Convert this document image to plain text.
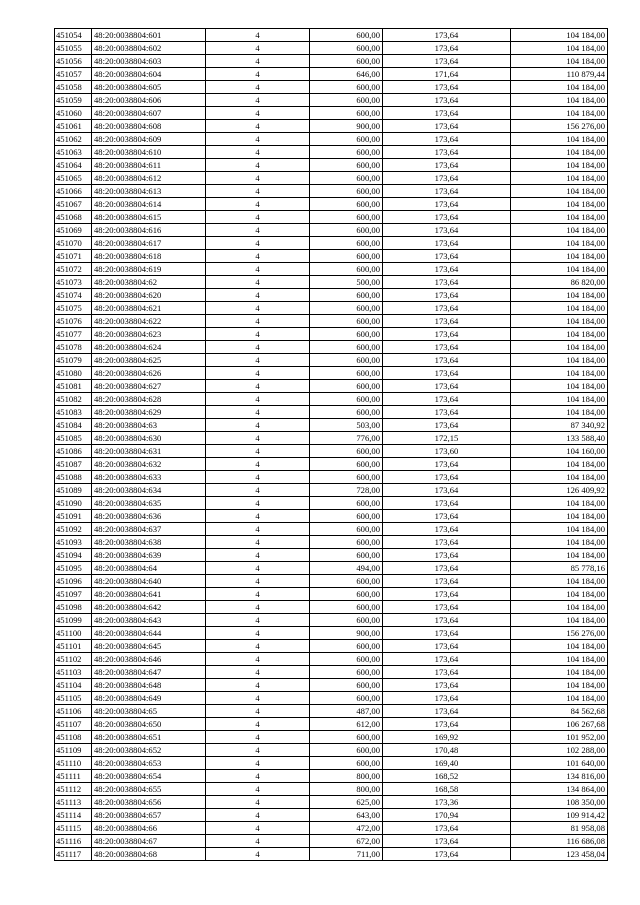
451054	48:20:0038804:601	4	600,00	173,64	104 184,00
451055	48:20:0038804:602	4	600,00	173,64	104 184,00
451056	48:20:0038804:603	4	600,00	173,64	104 184,00
451057	48:20:0038804:604	4	646,00	171,64	110 879,44
451058	48:20:0038804:605	4	600,00	173,64	104 184,00
451059	48:20:0038804:606	4	600,00	173,64	104 184,00
451060	48:20:0038804:607	4	600,00	173,64	104 184,00
451061	48:20:0038804:608	4	900,00	173,64	156 276,00
451062	48:20:0038804:609	4	600,00	173,64	104 184,00
451063	48:20:0038804:610	4	600,00	173,64	104 184,00
451064	48:20:0038804:611	4	600,00	173,64	104 184,00
451065	48:20:0038804:612	4	600,00	173,64	104 184,00
451066	48:20:0038804:613	4	600,00	173,64	104 184,00
451067	48:20:0038804:614	4	600,00	173,64	104 184,00
451068	48:20:0038804:615	4	600,00	173,64	104 184,00
451069	48:20:0038804:616	4	600,00	173,64	104 184,00
451070	48:20:0038804:617	4	600,00	173,64	104 184,00
451071	48:20:0038804:618	4	600,00	173,64	104 184,00
451072	48:20:0038804:619	4	600,00	173,64	104 184,00
451073	48:20:0038804:62	4	500,00	173,64	86 820,00
451074	48:20:0038804:620	4	600,00	173,64	104 184,00
451075	48:20:0038804:621	4	600,00	173,64	104 184,00
451076	48:20:0038804:622	4	600,00	173,64	104 184,00
451077	48:20:0038804:623	4	600,00	173,64	104 184,00
451078	48:20:0038804:624	4	600,00	173,64	104 184,00
451079	48:20:0038804:625	4	600,00	173,64	104 184,00
451080	48:20:0038804:626	4	600,00	173,64	104 184,00
451081	48:20:0038804:627	4	600,00	173,64	104 184,00
451082	48:20:0038804:628	4	600,00	173,64	104 184,00
451083	48:20:0038804:629	4	600,00	173,64	104 184,00
451084	48:20:0038804:63	4	503,00	173,64	87 340,92
451085	48:20:0038804:630	4	776,00	172,15	133 588,40
451086	48:20:0038804:631	4	600,00	173,60	104 160,00
451087	48:20:0038804:632	4	600,00	173,64	104 184,00
451088	48:20:0038804:633	4	600,00	173,64	104 184,00
451089	48:20:0038804:634	4	728,00	173,64	126 409,92
451090	48:20:0038804:635	4	600,00	173,64	104 184,00
451091	48:20:0038804:636	4	600,00	173,64	104 184,00
451092	48:20:0038804:637	4	600,00	173,64	104 184,00
451093	48:20:0038804:638	4	600,00	173,64	104 184,00
451094	48:20:0038804:639	4	600,00	173,64	104 184,00
451095	48:20:0038804:64	4	494,00	173,64	85 778,16
451096	48:20:0038804:640	4	600,00	173,64	104 184,00
451097	48:20:0038804:641	4	600,00	173,64	104 184,00
451098	48:20:0038804:642	4	600,00	173,64	104 184,00
451099	48:20:0038804:643	4	600,00	173,64	104 184,00
451100	48:20:0038804:644	4	900,00	173,64	156 276,00
451101	48:20:0038804:645	4	600,00	173,64	104 184,00
451102	48:20:0038804:646	4	600,00	173,64	104 184,00
451103	48:20:0038804:647	4	600,00	173,64	104 184,00
451104	48:20:0038804:648	4	600,00	173,64	104 184,00
451105	48:20:0038804:649	4	600,00	173,64	104 184,00
451106	48:20:0038804:65	4	487,00	173,64	84 562,68
451107	48:20:0038804:650	4	612,00	173,64	106 267,68
451108	48:20:0038804:651	4	600,00	169,92	101 952,00
451109	48:20:0038804:652	4	600,00	170,48	102 288,00
451110	48:20:0038804:653	4	600,00	169,40	101 640,00
451111	48:20:0038804:654	4	800,00	168,52	134 816,00
451112	48:20:0038804:655	4	800,00	168,58	134 864,00
451113	48:20:0038804:656	4	625,00	173,36	108 350,00
451114	48:20:0038804:657	4	643,00	170,94	109 914,42
451115	48:20:0038804:66	4	472,00	173,64	81 958,08
451116	48:20:0038804:67	4	672,00	173,64	116 686,08
451117	48:20:0038804:68	4	711,00	173,64	123 458,04
